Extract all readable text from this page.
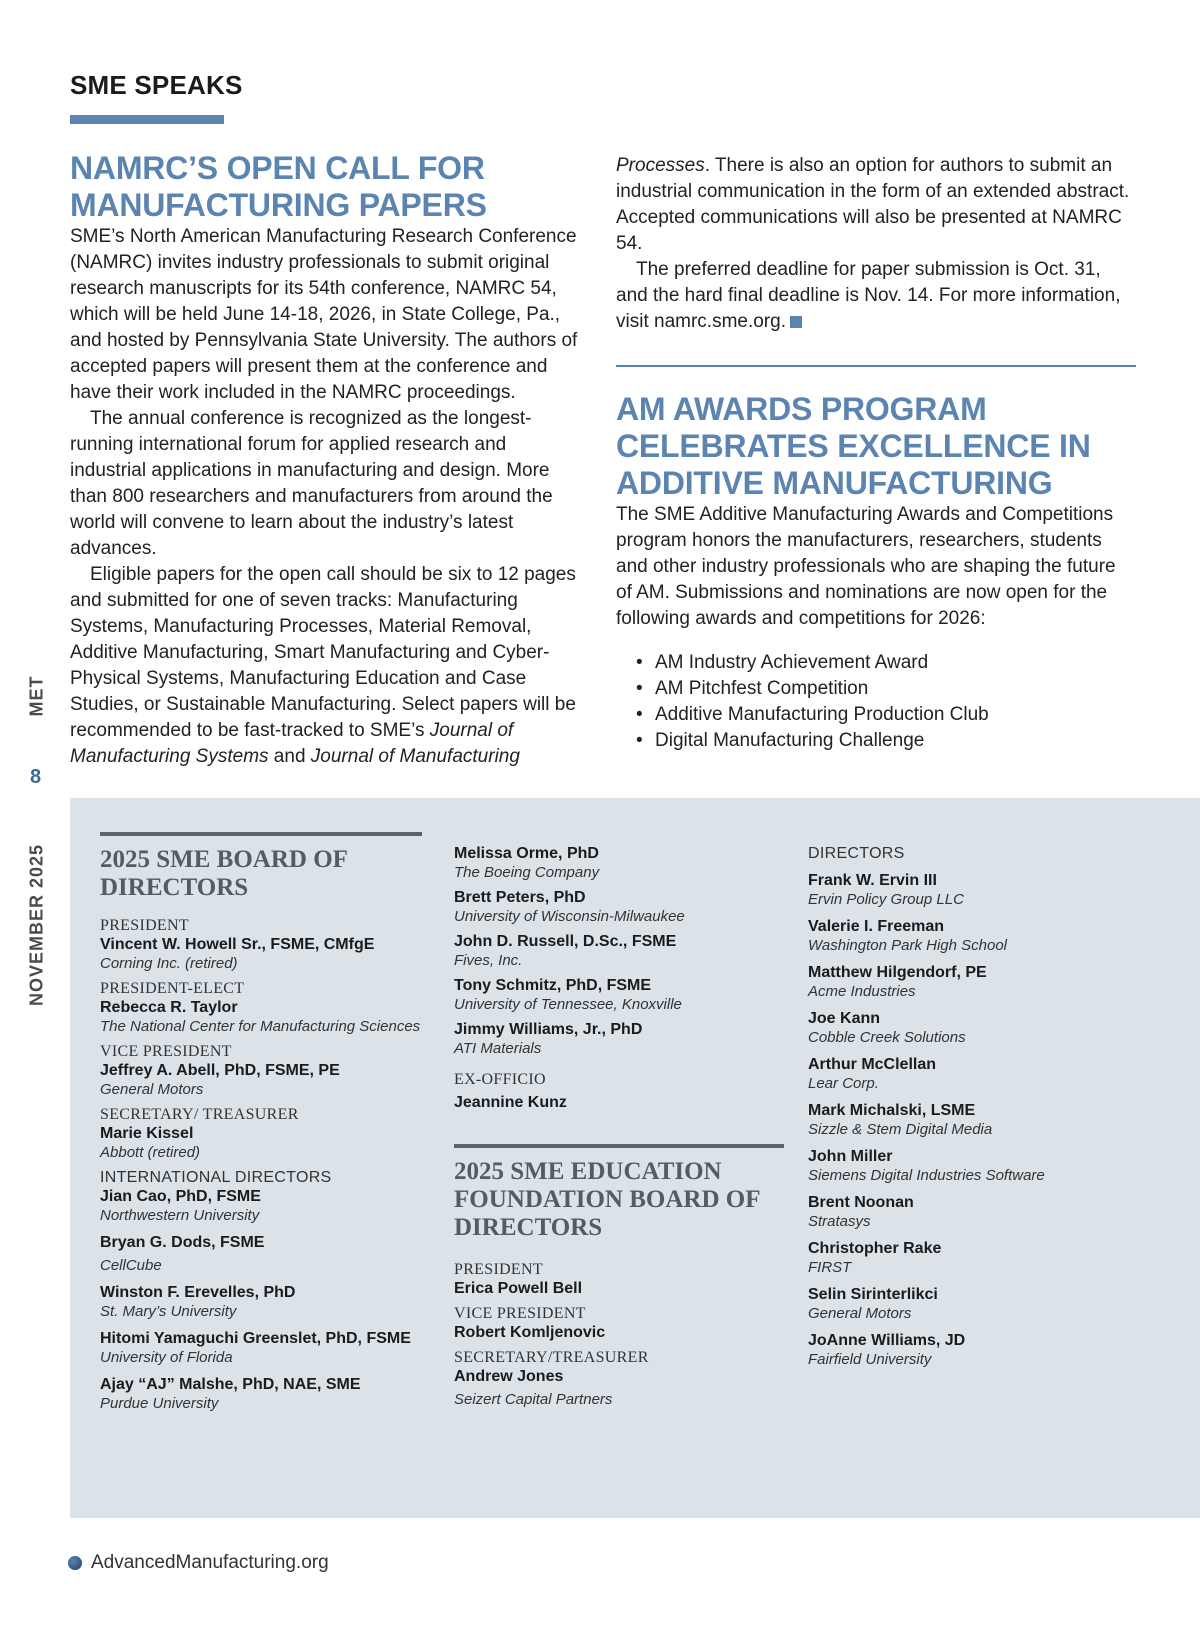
SME SPEAKS
NAMRC’S OPEN CALL FOR MANUFACTURING PAPERS

SME’s North American Manufacturing Research Conference (NAMRC) invites industry professionals to submit original research manuscripts for its 54th conference, NAMRC 54, which will be held June 14-18, 2026, in State College, Pa., and hosted by Pennsylvania State University. The authors of accepted papers will present them at the conference and have their work included in the NAMRC proceedings.

The annual conference is recognized as the longest-running international forum for applied research and industrial applications in manufacturing and design. More than 800 researchers and manufacturers from around the world will convene to learn about the industry’s latest advances.

Eligible papers for the open call should be six to 12 pages and submitted for one of seven tracks: Manufacturing Systems, Manufacturing Processes, Material Removal, Additive Manufacturing, Smart Manufacturing and Cyber-Physical Systems, Manufacturing Education and Case Studies, or Sustainable Manufacturing. Select papers will be recommended to be fast-tracked to SME’s Journal of Manufacturing Systems and Journal of Manufacturing

Processes. There is also an option for authors to submit an industrial communication in the form of an extended abstract. Accepted communications will also be presented at NAMRC 54.

The preferred deadline for paper submission is Oct. 31, and the hard final deadline is Nov. 14. For more information, visit namrc.sme.org.

AM AWARDS PROGRAM CELEBRATES EXCELLENCE IN ADDITIVE MANUFACTURING

The SME Additive Manufacturing Awards and Competitions program honors the manufacturers, researchers, students and other industry professionals who are shaping the future of AM. Submissions and nominations are now open for the following awards and competitions for 2026:

• AM Industry Achievement Award
• AM Pitchfest Competition
• Additive Manufacturing Production Club
• Digital Manufacturing Challenge
MET
8
NOVEMBER 2025 2025 SME BOARD OF DIRECTORS
PRESIDENT
Vincent W. Howell Sr., FSME, CMfgE
Corning Inc. (retired)
PRESIDENT-ELECT
Rebecca R. Taylor
The National Center for Manufacturing Sciences
VICE PRESIDENT
Jeffrey A. Abell, PhD, FSME, PE
General Motors
SECRETARY/ TREASURER
Marie Kissel
Abbott (retired)
INTERNATIONAL DIRECTORS
Jian Cao, PhD, FSME
Northwestern University
Bryan G. Dods, FSME
CellCube
Winston F. Erevelles, PhD
St. Mary’s University
Hitomi Yamaguchi Greenslet, PhD, FSME
University of Florida
Ajay “AJ” Malshe, PhD, NAE, SME
Purdue University
Melissa Orme, PhD
The Boeing Company
Brett Peters, PhD
University of Wisconsin-Milwaukee
John D. Russell, D.Sc., FSME
Fives, Inc.
Tony Schmitz, PhD, FSME
University of Tennessee, Knoxville
Jimmy Williams, Jr., PhD
ATI Materials
EX-OFFICIO
Jeannine Kunz
2025 SME EDUCATION FOUNDATION BOARD OF DIRECTORS
PRESIDENT
Erica Powell Bell
VICE PRESIDENT
Robert Komljenovic
SECRETARY/TREASURER
Andrew Jones
Seizert Capital Partners
DIRECTORS
Frank W. Ervin III
Ervin Policy Group LLC
Valerie I. Freeman
Washington Park High School
Matthew Hilgendorf, PE
Acme Industries
Joe Kann
Cobble Creek Solutions
Arthur McClellan
Lear Corp.
Mark Michalski, LSME
Sizzle & Stem Digital Media
John Miller
Siemens Digital Industries Software
Brent Noonan
Stratasys
Christopher Rake
FIRST
Selin Sirinterlikci
General Motors
JoAnne Williams, JD
Fairfield University
AdvancedManufacturing.org
